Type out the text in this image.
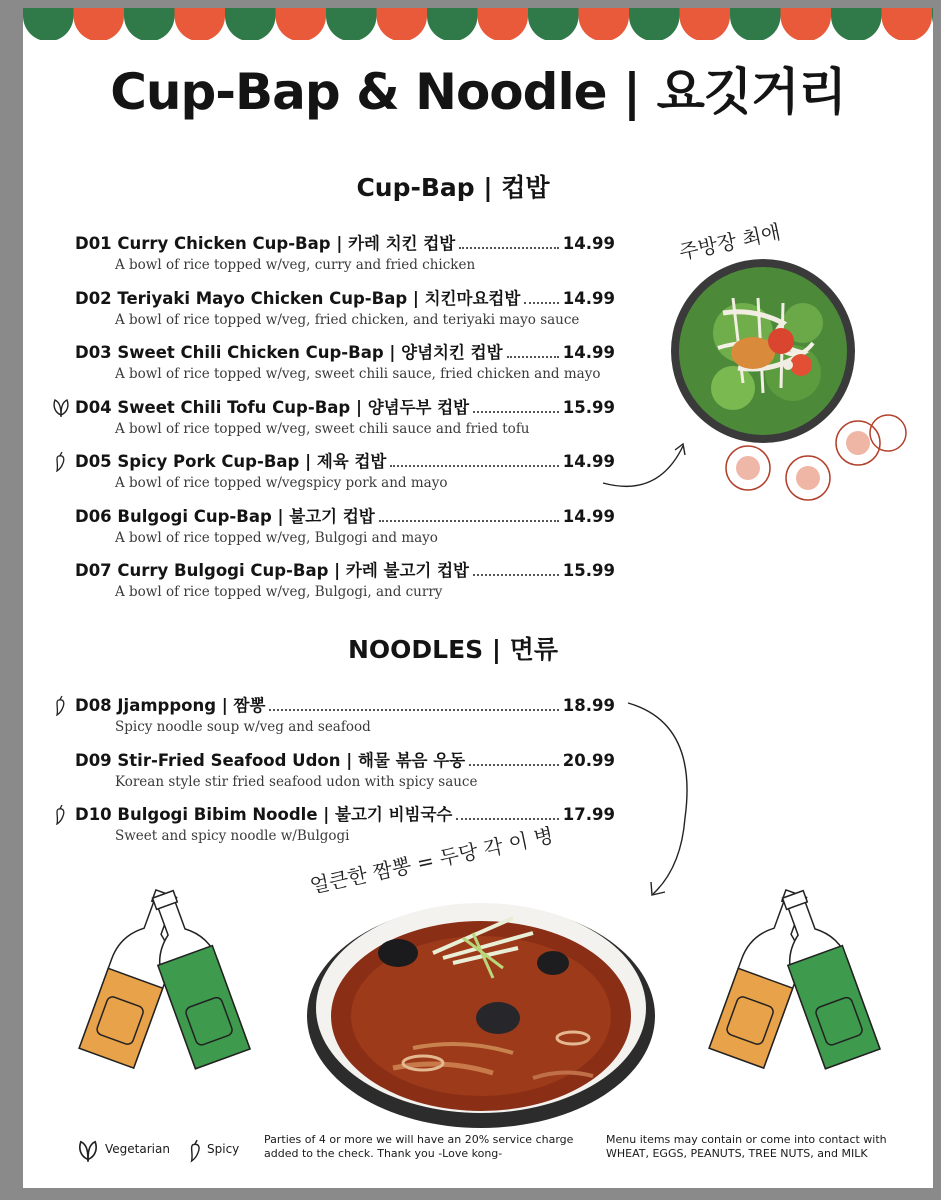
Cup-Bap & Noodle | 요깃거리
Cup-Bap | 컵밥
D01 Curry Chicken Cup-Bap | 카레 치킨 컵밥	14.99
A bowl of rice topped w/veg, curry and fried chicken
D02 Teriyaki Mayo Chicken Cup-Bap | 치킨마요컵밥	14.99
A bowl of rice topped w/veg, fried chicken, and teriyaki mayo sauce
D03 Sweet Chili Chicken Cup-Bap | 양념치킨 컵밥	14.99
A bowl of rice topped w/veg, sweet chili sauce, fried chicken and mayo
D04 Sweet Chili Tofu Cup-Bap | 양념두부 컵밥	15.99
A bowl of rice topped w/veg, sweet chili sauce and fried tofu
D05 Spicy Pork Cup-Bap | 제육 컵밥	14.99
A bowl of rice topped w/vegspicy pork and mayo
D06 Bulgogi Cup-Bap | 불고기 컵밥	14.99
A bowl of rice topped w/veg, Bulgogi and mayo
D07 Curry Bulgogi Cup-Bap | 카레 불고기 컵밥	15.99
A bowl of rice topped w/veg, Bulgogi, and curry
주방장 최애
NOODLES | 면류
D08 Jjamppong | 짬뽕	18.99
Spicy noodle soup w/veg and seafood
D09 Stir-Fried Seafood Udon | 해물 볶음 우동	20.99
Korean style stir fried seafood udon with spicy sauce
D10 Bulgogi Bibim Noodle | 불고기 비빔국수	17.99
Sweet and spicy noodle w/Bulgogi
얼큰한 짬뽕 = 두당 각 이 병
Vegetarian	Spicy
Parties of 4 or more we will have an 20% service charge
added to the check. Thank you -Love kong-
Menu items may contain or come into contact with
WHEAT, EGGS, PEANUTS, TREE NUTS, and MILK
